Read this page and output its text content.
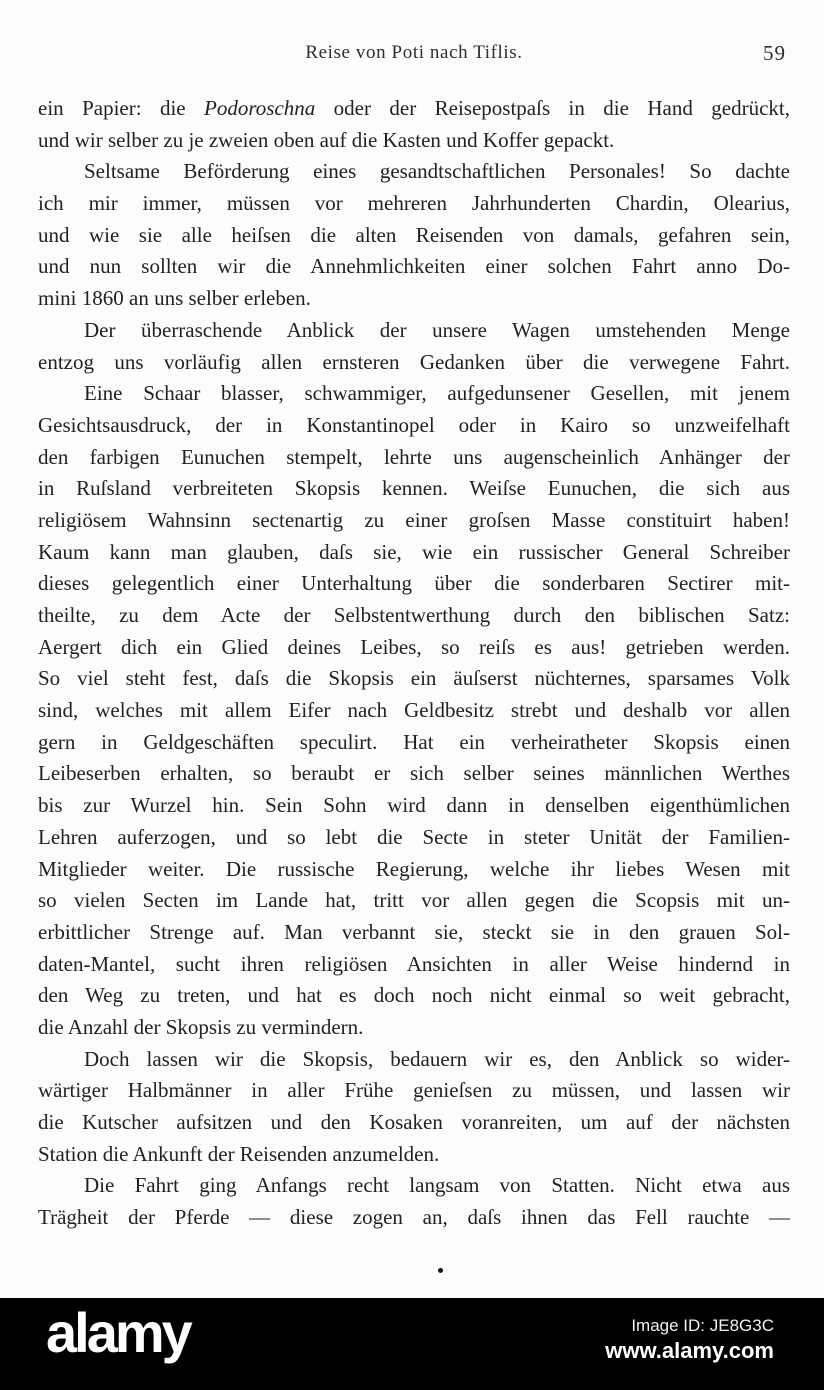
Reise von Poti nach Tiflis.	59
ein Papier: die Podoroschna oder der Reisepostpaſs in die Hand gedrückt,
und wir selber zu je zweien oben auf die Kasten und Koffer gepackt.
Seltsame Beförderung eines gesandtschaftlichen Personales! So dachte
ich mir immer, müssen vor mehreren Jahrhunderten Chardin, Olearius,
und wie sie alle heiſsen die alten Reisenden von damals, gefahren sein,
und nun sollten wir die Annehmlichkeiten einer solchen Fahrt anno Do-
mini 1860 an uns selber erleben.
Der überraschende Anblick der unsere Wagen umstehenden Menge
entzog uns vorläufig allen ernsteren Gedanken über die verwegene Fahrt.
Eine Schaar blasser, schwammiger, aufgedunsener Gesellen, mit jenem
Gesichtsausdruck, der in Konstantinopel oder in Kairo so unzweifelhaft
den farbigen Eunuchen stempelt, lehrte uns augenscheinlich Anhänger der
in Ruſsland verbreiteten Skopsis kennen. Weiſse Eunuchen, die sich aus
religiösem Wahnsinn sectenartig zu einer groſsen Masse constituirt haben!
Kaum kann man glauben, daſs sie, wie ein russischer General Schreiber
dieses gelegentlich einer Unterhaltung über die sonderbaren Sectirer mit-
theilte, zu dem Acte der Selbstentwerthung durch den biblischen Satz:
Aergert dich ein Glied deines Leibes, so reiſs es aus! getrieben werden.
So viel steht fest, daſs die Skopsis ein äuſserst nüchternes, sparsames Volk
sind, welches mit allem Eifer nach Geldbesitz strebt und deshalb vor allen
gern in Geldgeschäften speculirt. Hat ein verheiratheter Skopsis einen
Leibeserben erhalten, so beraubt er sich selber seines männlichen Werthes
bis zur Wurzel hin. Sein Sohn wird dann in denselben eigenthümlichen
Lehren auferzogen, und so lebt die Secte in steter Unität der Familien-
Mitglieder weiter. Die russische Regierung, welche ihr liebes Wesen mit
so vielen Secten im Lande hat, tritt vor allen gegen die Scopsis mit un-
erbittlicher Strenge auf. Man verbannt sie, steckt sie in den grauen Sol-
daten-Mantel, sucht ihren religiösen Ansichten in aller Weise hindernd in
den Weg zu treten, und hat es doch noch nicht einmal so weit gebracht,
die Anzahl der Skopsis zu vermindern.
Doch lassen wir die Skopsis, bedauern wir es, den Anblick so wider-
wärtiger Halbmänner in aller Frühe genieſsen zu müssen, und lassen wir
die Kutscher aufsitzen und den Kosaken voranreiten, um auf der nächsten
Station die Ankunft der Reisenden anzumelden.
Die Fahrt ging Anfangs recht langsam von Statten. Nicht etwa aus
Trägheit der Pferde — diese zogen an, daſs ihnen das Fell rauchte —
alamy	Image ID: JE8G3C
www.alamy.com
